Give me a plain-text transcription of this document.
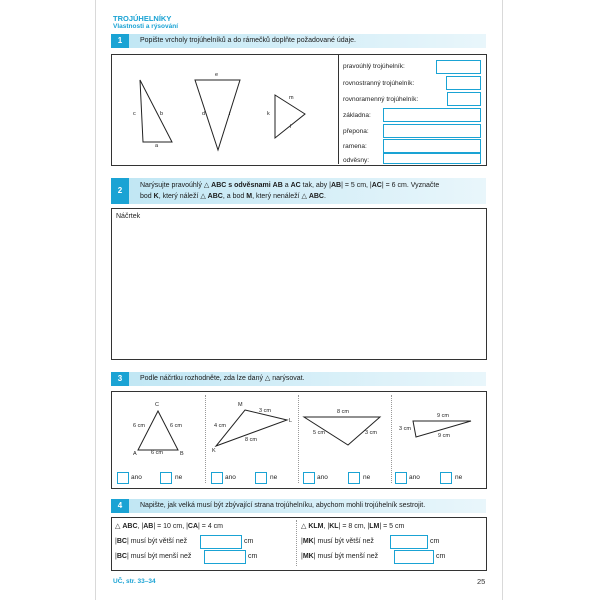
TROJÚHELNÍKY
Vlastnosti a rýsování
1	Popište vrcholy trojúhelníků a do rámečků doplňte požadované údaje.
c	b
a
e
d	f
m
k
l
pravoúhlý trojúhelník:
rovnostranný trojúhelník:
rovnoramenný trojúhelník:
základna:
přepona:
ramena:
odvěsny:
2
Narýsujte pravoúhlý △ ABC s odvěsnami AB a AC tak, aby |AB| = 5 cm, |AC| = 6 cm. Vyznačte
bod K, který náleží △ ABC, a bod M, který nenáleží △ ABC.
Náčrtek
3	Podle náčrtku rozhodněte, zda lze daný △ narýsovat.
C
A	B
6 cm	6 cm
6 cm
M
L
K
3 cm
4 cm
8 cm
8 cm
5 cm	3 cm
9 cm
3 cm
9 cm
ano	ne	ano	ne	ano	ne	ano	ne
4	Napište, jak velká musí být zbývající strana trojúhelníku, abychom mohli trojúhelník sestrojit.
△ ABC, |AB| = 10 cm, |CA| = 4 cm
|BC| musí být větší než	cm
|BC| musí být menší než	cm
△ KLM, |KL| = 8 cm, |LM| = 5 cm
|MK| musí být větší než	cm
|MK| musí být menší než	cm
UČ, str. 33–34	25
